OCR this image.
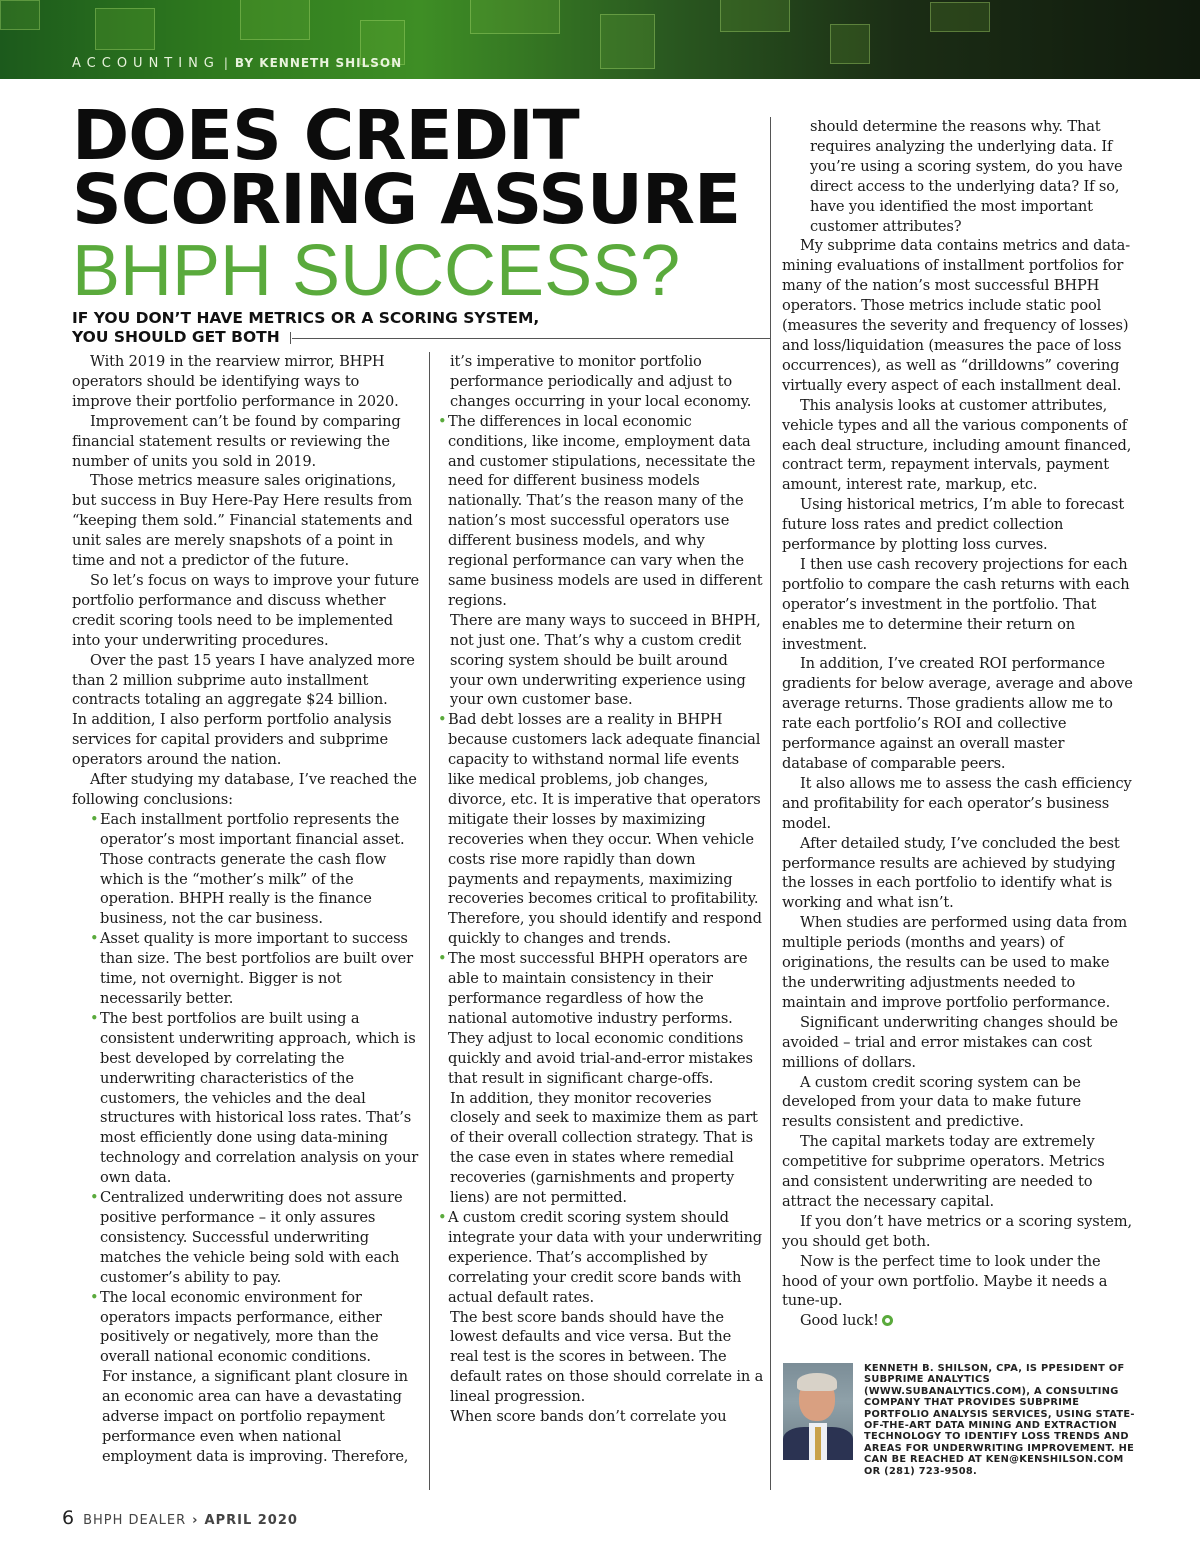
ACCOUNTING | BY KENNETH SHILSON
DOES CREDIT
SCORING ASSURE
BHPH SUCCESS?
IF YOU DON’T HAVE METRICS OR A SCORING SYSTEM,
YOU SHOULD GET BOTH

With 2019 in the rearview mirror, BHPH operators should be identifying ways to improve their portfolio performance in 2020.

Improvement can’t be found by comparing financial statement results or reviewing the number of units you sold in 2019.

Those metrics measure sales originations, but success in Buy Here-Pay Here results from “keeping them sold.” Financial statements and unit sales are merely snapshots of a point in time and not a predictor of the future.

So let’s focus on ways to improve your future portfolio performance and discuss whether credit scoring tools need to be implemented into your underwriting procedures.

Over the past 15 years I have analyzed more than 2 million subprime auto installment contracts totaling an aggregate $24 billion.

In addition, I also perform portfolio analysis services for capital providers and subprime operators around the nation.

After studying my database, I’ve reached the following conclusions:

• Each installment portfolio represents the operator’s most important financial asset. Those contracts generate the cash flow which is the “mother’s milk” of the operation. BHPH really is the finance business, not the car business.
• Asset quality is more important to success than size. The best portfolios are built over time, not overnight. Bigger is not necessarily better.
• The best portfolios are built using a consistent underwriting approach, which is best developed by correlating the underwriting characteristics of the customers, the vehicles and the deal structures with historical loss rates. That’s most efficiently done using data-mining technology and correlation analysis on your own data.
• Centralized underwriting does not assure positive performance – it only assures consistency. Successful underwriting matches the vehicle being sold with each customer’s ability to pay.
• The local economic environment for operators impacts performance, either positively or negatively, more than the overall national economic conditions.
For instance, a significant plant closure in an economic area can have a devastating adverse impact on portfolio repayment performance even when national employment data is improving. Therefore,
it’s imperative to monitor portfolio performance periodically and adjust to changes occurring in your local economy.
• The differences in local economic conditions, like income, employment data and customer stipulations, necessitate the need for different business models nationally. That’s the reason many of the nation’s most successful operators use different business models, and why regional performance can vary when the same business models are used in different regions.
There are many ways to succeed in BHPH, not just one. That’s why a custom credit scoring system should be built around your own underwriting experience using your own customer base.
• Bad debt losses are a reality in BHPH because customers lack adequate financial capacity to withstand normal life events like medical problems, job changes, divorce, etc. It is imperative that operators mitigate their losses by maximizing recoveries when they occur. When vehicle costs rise more rapidly than down payments and repayments, maximizing recoveries becomes critical to profitability. Therefore, you should identify and respond quickly to changes and trends.
• The most successful BHPH operators are able to maintain consistency in their performance regardless of how the national automotive industry performs. They adjust to local economic conditions quickly and avoid trial-and-error mistakes that result in significant charge-offs.
In addition, they monitor recoveries closely and seek to maximize them as part of their overall collection strategy. That is the case even in states where remedial recoveries (garnishments and property liens) are not permitted.
• A custom credit scoring system should integrate your data with your underwriting experience. That’s accomplished by correlating your credit score bands with actual default rates.
The best score bands should have the lowest defaults and vice versa. But the real test is the scores in between. The default rates on those should correlate in a lineal progression.
When score bands don’t correlate you
should determine the reasons why. That requires analyzing the underlying data. If you’re using a scoring system, do you have direct access to the underlying data? If so, have you identified the most important customer attributes?

My subprime data contains metrics and data-mining evaluations of installment portfolios for many of the nation’s most successful BHPH operators. Those metrics include static pool (measures the severity and frequency of losses) and loss/liquidation (measures the pace of loss occurrences), as well as “drilldowns” covering virtually every aspect of each installment deal.

This analysis looks at customer attributes, vehicle types and all the various components of each deal structure, including amount financed, contract term, repayment intervals, payment amount, interest rate, markup, etc.

Using historical metrics, I’m able to forecast future loss rates and predict collection performance by plotting loss curves.

I then use cash recovery projections for each portfolio to compare the cash returns with each operator’s investment in the portfolio. That enables me to determine their return on investment.

In addition, I’ve created ROI performance gradients for below average, average and above average returns. Those gradients allow me to rate each portfolio’s ROI and collective performance against an overall master database of comparable peers.

It also allows me to assess the cash efficiency and profitability for each operator’s business model.

After detailed study, I’ve concluded the best performance results are achieved by studying the losses in each portfolio to identify what is working and what isn’t.

When studies are performed using data from multiple periods (months and years) of originations, the results can be used to make the underwriting adjustments needed to maintain and improve portfolio performance.

Significant underwriting changes should be avoided – trial and error mistakes can cost millions of dollars.

A custom credit scoring system can be developed from your data to make future results consistent and predictive.

The capital markets today are extremely competitive for subprime operators. Metrics and consistent underwriting are needed to attract the necessary capital.

If you don’t have metrics or a scoring system, you should get both.

Now is the perfect time to look under the hood of your own portfolio. Maybe it needs a tune-up.

Good luck!

KENNETH B. SHILSON, CPA, IS PPESIDENT OF SUBPRIME ANALYTICS (WWW.SUBANALYTICS.COM), A CONSULTING COMPANY THAT PROVIDES SUBPRIME PORTFOLIO ANALYSIS SERVICES, USING STATE-OF-THE-ART DATA MINING AND EXTRACTION TECHNOLOGY TO IDENTIFY LOSS TRENDS AND AREAS FOR UNDERWRITING IMPROVEMENT. HE CAN BE REACHED AT KEN@KENSHILSON.COM OR (281) 723-9508.
6 BHPH DEALER › APRIL 2020
